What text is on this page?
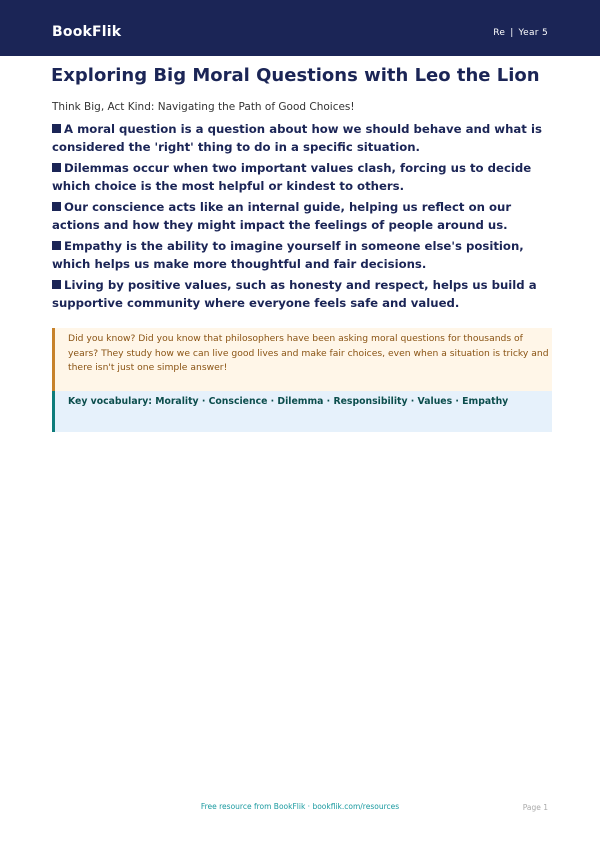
BookFlik	Re | Year 5
Exploring Big Moral Questions with Leo the Lion
Think Big, Act Kind: Navigating the Path of Good Choices!
A moral question is a question about how we should behave and what is considered the 'right' thing to do in a specific situation.
Dilemmas occur when two important values clash, forcing us to decide which choice is the most helpful or kindest to others.
Our conscience acts like an internal guide, helping us reflect on our actions and how they might impact the feelings of people around us.
Empathy is the ability to imagine yourself in someone else's position, which helps us make more thoughtful and fair decisions.
Living by positive values, such as honesty and respect, helps us build a supportive community where everyone feels safe and valued.
Did you know? Did you know that philosophers have been asking moral questions for thousands of years? They study how we can live good lives and make fair choices, even when a situation is tricky and there isn't just one simple answer!
Key vocabulary: Morality · Conscience · Dilemma · Responsibility · Values · Empathy
Free resource from BookFlik · bookflik.com/resources	Page 1
